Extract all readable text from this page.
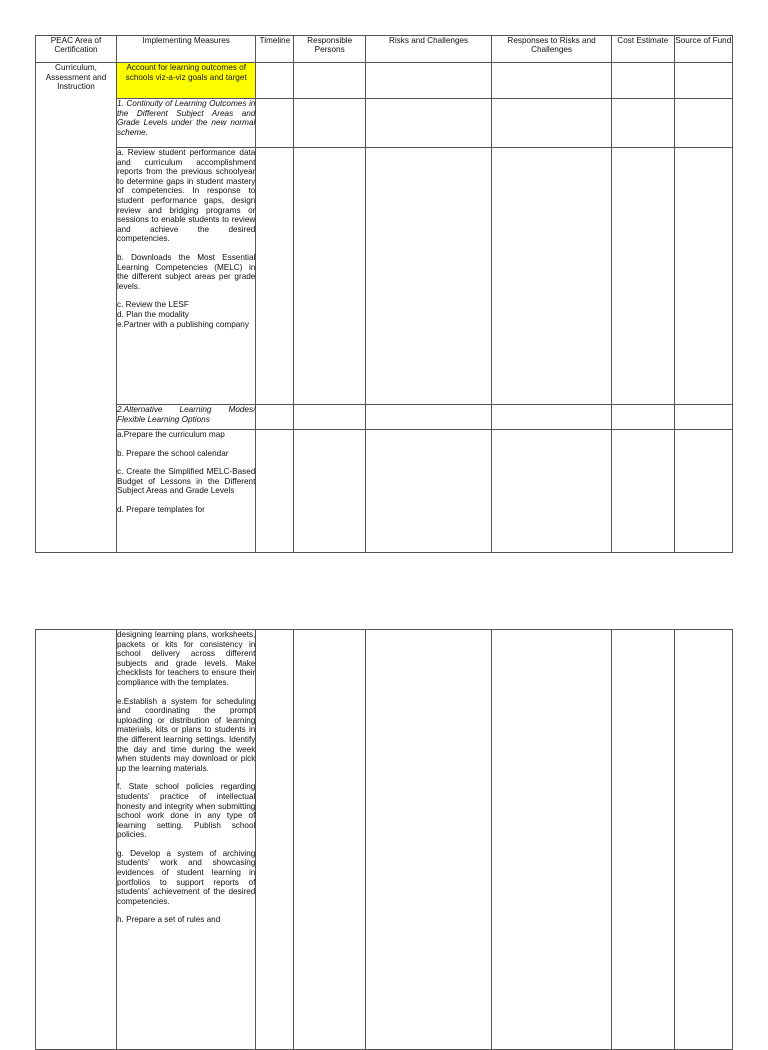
PEAC Area of Certification	Implementing Measures	Timeline	Responsible Persons	Risks and Challenges	Responses to Risks and Challenges	Cost Estimate	Source of Fund
Curriculum, Assessment and Instruction	Account for learning outcomes of schools viz-a-viz goals and target						
	1. Continuity of Learning Outcomes in the Different Subject Areas and Grade Levels under the new normal scheme.						

	a. Review student performance data and curriculum accomplishment reports from the previous schoolyear to determine gaps in student mastery of competencies. In response to student performance gaps, design review and bridging programs or sessions to enable students to review and achieve the desired competencies.

b. Downloads the Most Essential Learning Competencies (MELC) in the different subject areas per grade levels.

c. Review the LESF

d. Plan the modality

e.Partner with a publishing company						

	2.Alternative Learning Modes/ Flexible Learning Options						

	a.Prepare the curriculum map

b. Prepare the school calendar

c. Create the Simplified MELC-Based Budget of Lessons in the Different Subject Areas and Grade Levels

d. Prepare templates for						

designing learning plans, worksheets, packets or kits for consistency in school delivery across different subjects and grade levels. Make checklists for teachers to ensure their compliance with the templates.

e.Establish a system for scheduling and coordinating the prompt uploading or distribution of learning materials, kits or plans to students in the different learning settings. Identify the day and time during the week when students may download or pick up the learning materials.

f. State school policies regarding students’ practice of intellectual honesty and integrity when submitting school work done in any type of learning setting. Publish school policies.

g. Develop a system of archiving students’ work and showcasing evidences of student learning in portfolios to support reports of students’ achievement of the desired competencies.

h. Prepare a set of rules and
